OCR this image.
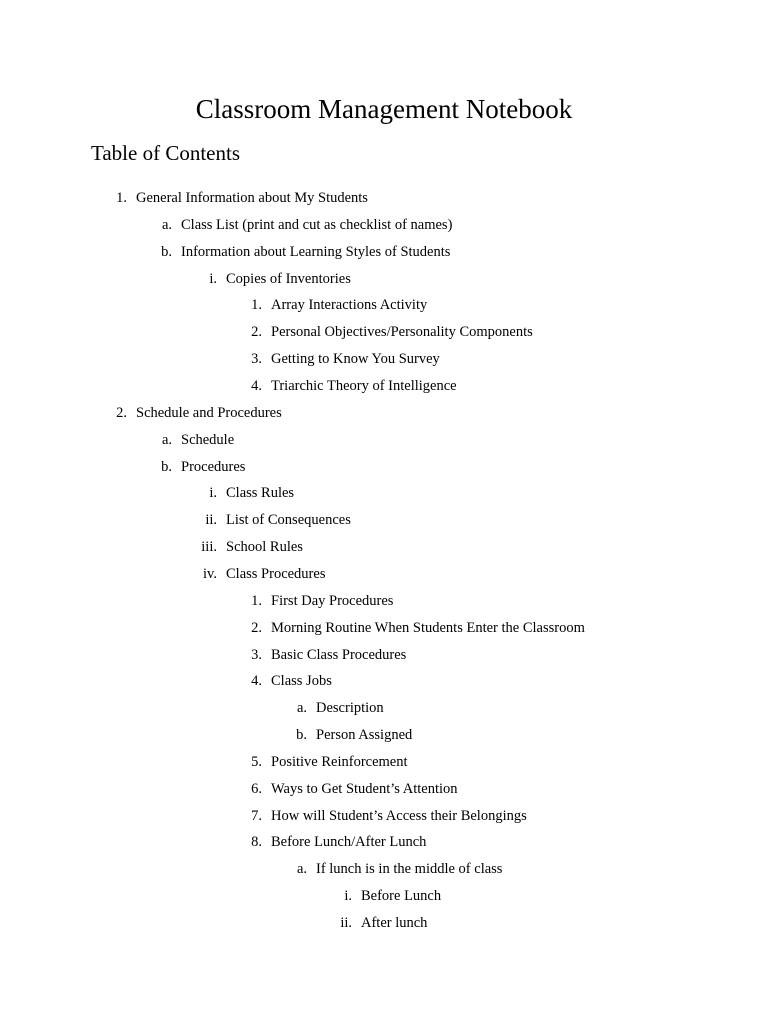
Classroom Management Notebook
Table of Contents
1. General Information about My Students
a. Class List (print and cut as checklist of names)
b. Information about Learning Styles of Students
i. Copies of Inventories
1. Array Interactions Activity
2. Personal Objectives/Personality Components
3. Getting to Know You Survey
4. Triarchic Theory of Intelligence
2. Schedule and Procedures
a. Schedule
b. Procedures
i. Class Rules
ii. List of Consequences
iii. School Rules
iv. Class Procedures
1. First Day Procedures
2. Morning Routine When Students Enter the Classroom
3. Basic Class Procedures
4. Class Jobs
a. Description
b. Person Assigned
5. Positive Reinforcement
6. Ways to Get Student’s Attention
7. How will Student’s Access their Belongings
8. Before Lunch/After Lunch
a. If lunch is in the middle of class
i. Before Lunch
ii. After lunch
